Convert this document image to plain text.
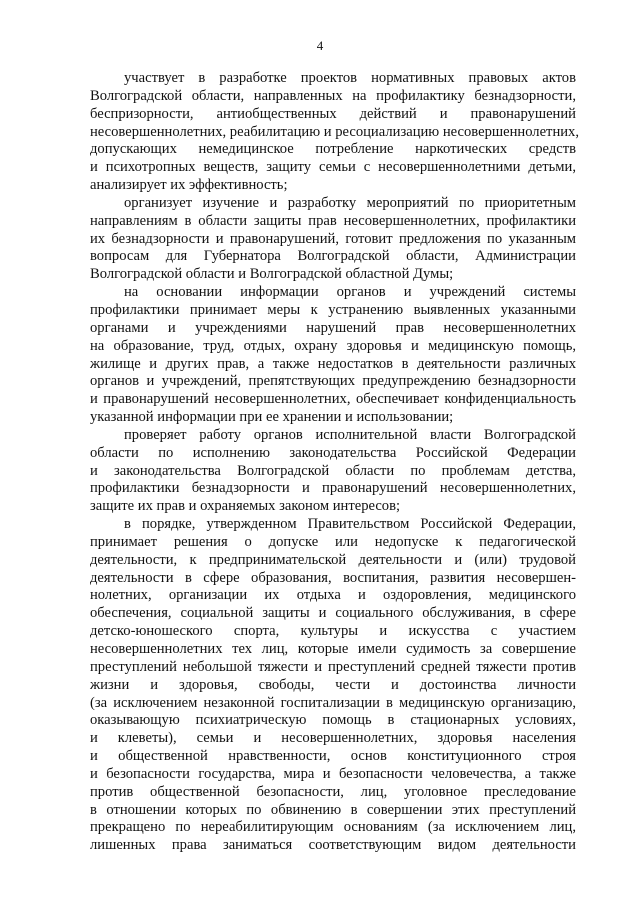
4
участвует в разработке проектов нормативных правовых актов
Волгоградской области, направленных на профилактику безнадзорности,
беспризорности, антиобщественных действий и правонарушений
несовершеннолетних, реабилитацию и ресоциализацию несовершеннолетних,
допускающих немедицинское потребление наркотических средств
и психотропных веществ, защиту семьи с несовершеннолетними детьми,
анализирует их эффективность;
организует изучение и разработку мероприятий по приоритетным
направлениям в области защиты прав несовершеннолетних, профилактики
их безнадзорности и правонарушений, готовит предложения по указанным
вопросам для Губернатора Волгоградской области, Администрации
Волгоградской области и Волгоградской областной Думы;
на основании информации органов и учреждений системы
профилактики принимает меры к устранению выявленных указанными
органами и учреждениями нарушений прав несовершеннолетних
на образование, труд, отдых, охрану здоровья и медицинскую помощь,
жилище и других прав, а также недостатков в деятельности различных
органов и учреждений, препятствующих предупреждению безнадзорности
и правонарушений несовершеннолетних, обеспечивает конфиденциальность
указанной информации при ее хранении и использовании;
проверяет работу органов исполнительной власти Волгоградской
области по исполнению законодательства Российской Федерации
и законодательства Волгоградской области по проблемам детства,
профилактики безнадзорности и правонарушений несовершеннолетних,
защите их прав и охраняемых законом интересов;
в порядке, утвержденном Правительством Российской Федерации,
принимает решения о допуске или недопуске к педагогической
деятельности, к предпринимательской деятельности и (или) трудовой
деятельности в сфере образования, воспитания, развития несовершен-
нолетних, организации их отдыха и оздоровления, медицинского
обеспечения, социальной защиты и социального обслуживания, в сфере
детско-юношеского спорта, культуры и искусства с участием
несовершеннолетних тех лиц, которые имели судимость за совершение
преступлений небольшой тяжести и преступлений средней тяжести против
жизни и здоровья, свободы, чести и достоинства личности
(за исключением незаконной госпитализации в медицинскую организацию,
оказывающую психиатрическую помощь в стационарных условиях,
и клеветы), семьи и несовершеннолетних, здоровья населения
и общественной нравственности, основ конституционного строя
и безопасности государства, мира и безопасности человечества, а также
против общественной безопасности, лиц, уголовное преследование
в отношении которых по обвинению в совершении этих преступлений
прекращено по нереабилитирующим основаниям (за исключением лиц,
лишенных права заниматься соответствующим видом деятельности
